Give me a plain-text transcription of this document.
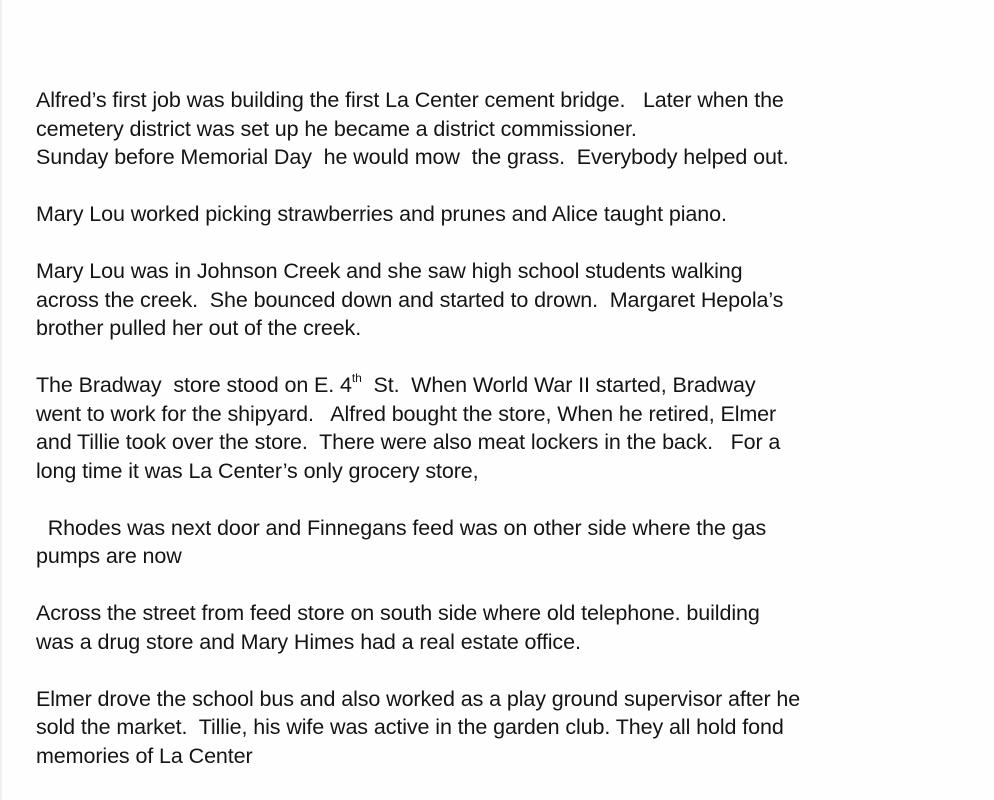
Alfred’s first job was building the first La Center cement bridge.   Later when the
cemetery district was set up he became a district commissioner.
Sunday before Memorial Day  he would mow  the grass.  Everybody helped out.

Mary Lou worked picking strawberries and prunes and Alice taught piano.

Mary Lou was in Johnson Creek and she saw high school students walking
across the creek.  She bounced down and started to drown.  Margaret Hepola’s
brother pulled her out of the creek.

The Bradway  store stood on E. 4th  St.  When World War II started, Bradway
went to work for the shipyard.   Alfred bought the store, When he retired, Elmer
and Tillie took over the store.  There were also meat lockers in the back.   For a
long time it was La Center’s only grocery store,

Rhodes was next door and Finnegans feed was on other side where the gas
pumps are now

Across the street from feed store on south side where old telephone. building
was a drug store and Mary Himes had a real estate office.

Elmer drove the school bus and also worked as a play ground supervisor after he
sold the market.  Tillie, his wife was active in the garden club. They all hold fond
memories of La Center
